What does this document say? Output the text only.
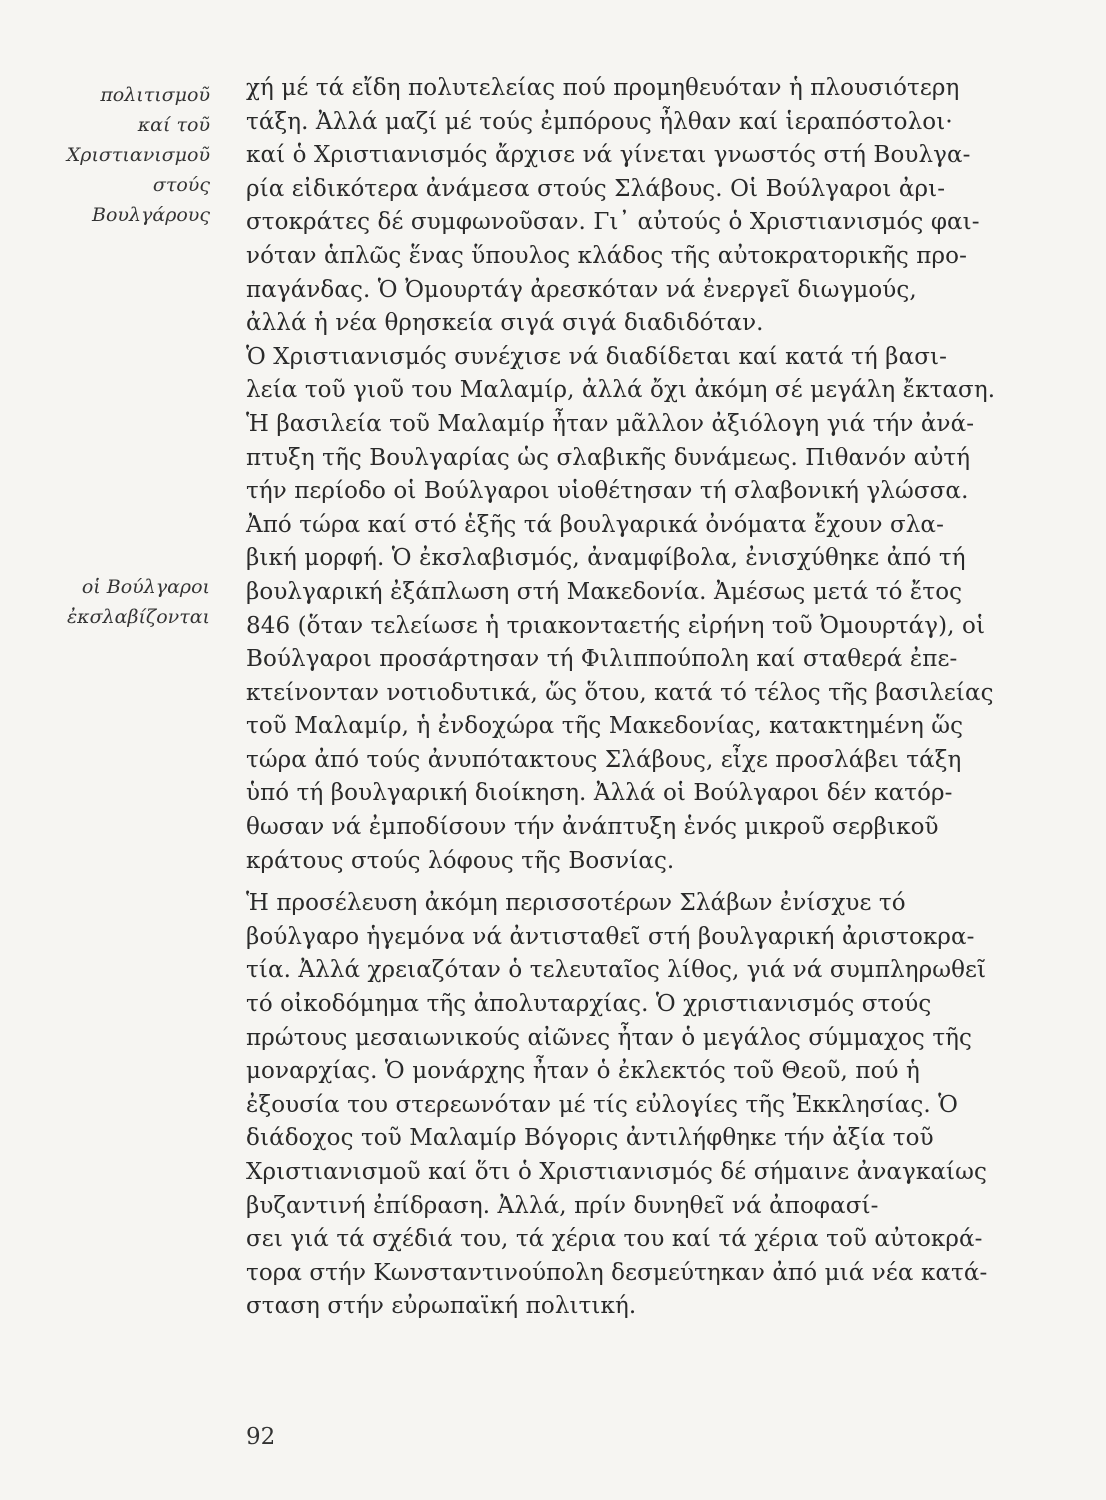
πολιτισμοῦ
καί τοῦ
Χριστιανισμοῦ
στούς
Βουλγάρους
οἱ Βούλγαροι
ἐκσλαβίζονται
χή μέ τά εἴδη πολυτελείας πού προμηθευόταν ἡ πλουσιότερη
τάξη. Ἀλλά μαζί μέ τούς ἐμπόρους ἦλθαν καί ἱεραπόστολοι·
καί ὁ Χριστιανισμός ἄρχισε νά γίνεται γνωστός στή Βουλγα-
ρία εἰδικότερα ἀνάμεσα στούς Σλάβους. Οἱ Βούλγαροι ἀρι-
στοκράτες δέ συμφωνοῦσαν. Γι᾽ αὐτούς ὁ Χριστιανισμός φαι-
νόταν ἁπλῶς ἕνας ὕπουλος κλάδος τῆς αὐτοκρατορικῆς προ-
παγάνδας. Ὁ Ὀμουρτάγ ἀρεσκόταν νά ἐνεργεῖ διωγμούς,
ἀλλά ἡ νέα θρησκεία σιγά σιγά διαδιδόταν.
Ὁ Χριστιανισμός συνέχισε νά διαδίδεται καί κατά τή βασι-
λεία τοῦ γιοῦ του Μαλαμίρ, ἀλλά ὄχι ἀκόμη σέ μεγάλη ἔκταση.
Ἡ βασιλεία τοῦ Μαλαμίρ ἦταν μᾶλλον ἀξιόλογη γιά τήν ἀνά-
πτυξη τῆς Βουλγαρίας ὡς σλαβικῆς δυνάμεως. Πιθανόν αὐτή
τήν περίοδο οἱ Βούλγαροι υἱοθέτησαν τή σλαβονική γλώσσα.
Ἀπό τώρα καί στό ἑξῆς τά βουλγαρικά ὀνόματα ἔχουν σλα-
βική μορφή. Ὁ ἐκσλαβισμός, ἀναμφίβολα, ἐνισχύθηκε ἀπό τή
βουλγαρική ἐξάπλωση στή Μακεδονία. Ἀμέσως μετά τό ἔτος
846 (ὅταν τελείωσε ἡ τριακονταετής εἰρήνη τοῦ Ὀμουρτάγ), οἱ
Βούλγαροι προσάρτησαν τή Φιλιππούπολη καί σταθερά ἐπε-
κτείνονταν νοτιοδυτικά, ὥς ὅτου, κατά τό τέλος τῆς βασιλείας
τοῦ Μαλαμίρ, ἡ ἐνδοχώρα τῆς Μακεδονίας, κατακτημένη ὥς
τώρα ἀπό τούς ἀνυπότακτους Σλάβους, εἶχε προσλάβει τάξη
ὑπό τή βουλγαρική διοίκηση. Ἀλλά οἱ Βούλγαροι δέν κατόρ-
θωσαν νά ἐμποδίσουν τήν ἀνάπτυξη ἑνός μικροῦ σερβικοῦ
κράτους στούς λόφους τῆς Βοσνίας.
Ἡ προσέλευση ἀκόμη περισσοτέρων Σλάβων ἐνίσχυε τό
βούλγαρο ἡγεμόνα νά ἀντισταθεῖ στή βουλγαρική ἀριστοκρα-
τία. Ἀλλά χρειαζόταν ὁ τελευταῖος λίθος, γιά νά συμπληρωθεῖ
τό οἰκοδόμημα τῆς ἀπολυταρχίας. Ὁ χριστιανισμός στούς
πρώτους μεσαιωνικούς αἰῶνες ἦταν ὁ μεγάλος σύμμαχος τῆς
μοναρχίας. Ὁ μονάρχης ἦταν ὁ ἐκλεκτός τοῦ Θεοῦ, πού ἡ
ἐξουσία του στερεωνόταν μέ τίς εὐλογίες τῆς Ἐκκλησίας. Ὁ
διάδοχος τοῦ Μαλαμίρ Βόγορις ἀντιλήφθηκε τήν ἀξία τοῦ
Χριστιανισμοῦ καί ὅτι ὁ Χριστιανισμός δέ σήμαινε ἀναγκαίως
βυζαντινή ἐπίδραση. Ἀλλά, πρίν δυνηθεῖ νά ἀποφασί-
σει γιά τά σχέδιά του, τά χέρια του καί τά χέρια τοῦ αὐτοκρά-
τορα στήν Κωνσταντινούπολη δεσμεύτηκαν ἀπό μιά νέα κατά-
σταση στήν εὐρωπαϊκή πολιτική.
92
